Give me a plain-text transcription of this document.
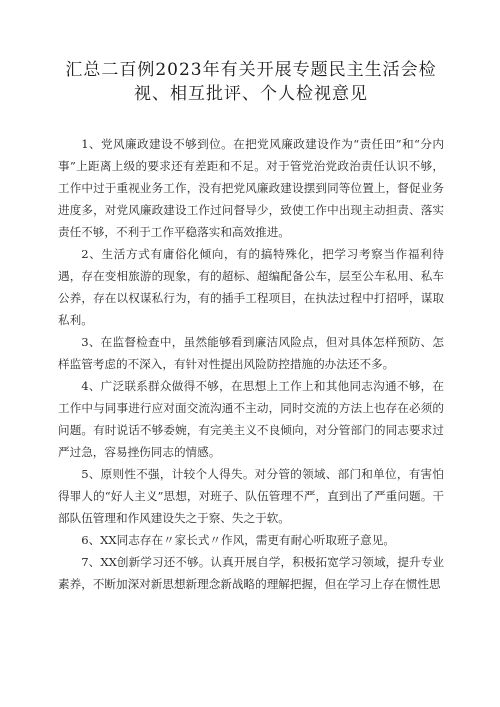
汇总二百例2023年有关开展专题民主生活会检
视、相互批评、个人检视意见

1、党风廉政建设不够到位。在把党风廉政建设作为“责任田”和“分内事”上距离上级的要求还有差距和不足。对于管党治党政治责任认识不够，工作中过于重视业务工作，没有把党风廉政建设摆到同等位置上，督促业务进度多，对党风廉政建设工作过问督导少，致使工作中出现主动担责、落实责任不够，不利于工作平稳落实和高效推进。

2、生活方式有庸俗化倾向，有的搞特殊化，把学习考察当作福利待遇，存在变相旅游的现象，有的超标、超编配备公车，层至公车私用、私车公养，存在以权谋私行为，有的插手工程项目，在执法过程中打招呼，谋取私利。

3、在监督检查中，虽然能够看到廉洁风险点，但对具体怎样预防、怎样监管考虑的不深入，有针对性提出风险防控措施的办法还不多。

4、广泛联系群众做得不够，在思想上工作上和其他同志沟通不够，在工作中与同事进行应对面交流沟通不主动，同时交流的方法上也存在必须的问题。有时说话不够委婉，有完美主义不良倾向，对分管部门的同志要求过严过急，容易挫伤同志的情感。

5、原则性不强，计较个人得失。对分管的领域、部门和单位，有害怕得罪人的“好人主义”思想，对班子、队伍管理不严，直到出了严重问题。干部队伍管理和作风建设失之于察、失之于软。

6、XX同志存在〃家长式〃作风，需更有耐心听取班子意见。

7、XX创新学习还不够。认真开展自学，积极拓宽学习领域，提升专业素养，不断加深对新思想新理念新战略的理解把握，但在学习上存在惯性思
